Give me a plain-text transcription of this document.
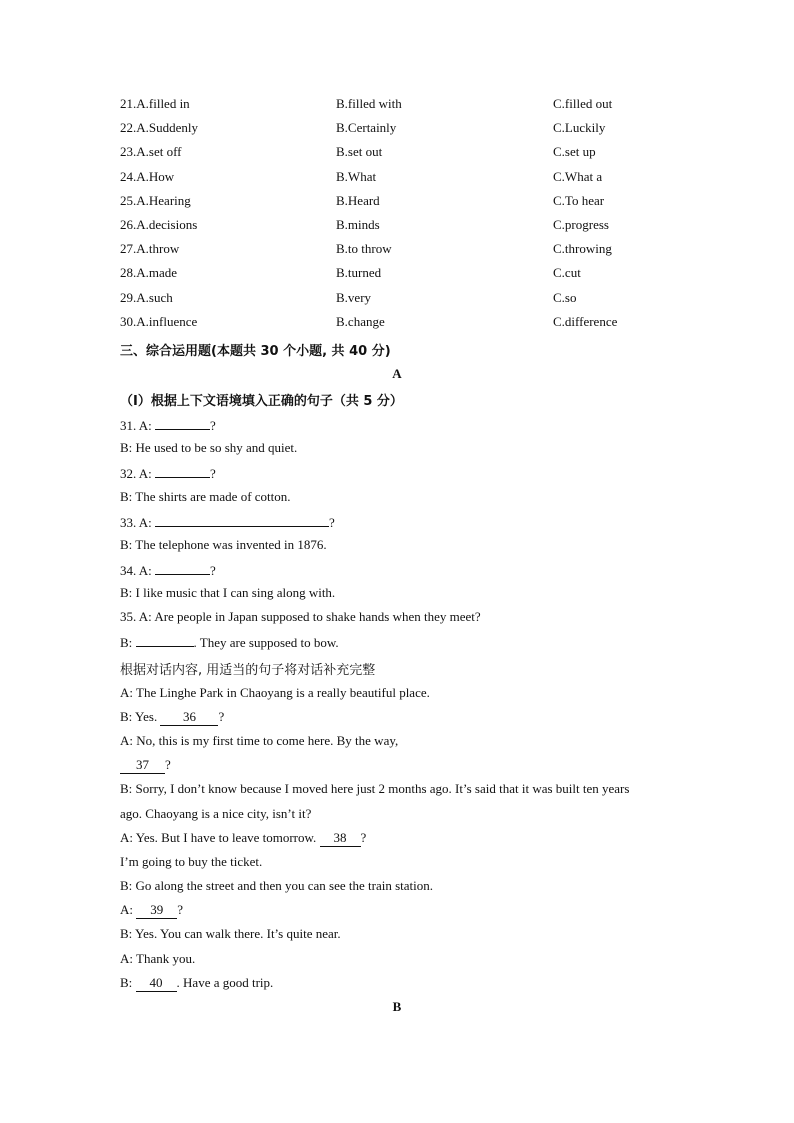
21.A.filled in	B.filled with	C.filled out
22.A.Suddenly	B.Certainly	C.Luckily
23.A.set off	B.set out	C.set up
24.A.How	B.What	C.What a
25.A.Hearing	B.Heard	C.To hear
26.A.decisions	B.minds	C.progress
27.A.throw	B.to throw	C.throwing
28.A.made	B.turned	C.cut
29.A.such	B.very	C.so
30.A.influence	B.change	C.difference
三、综合运用题(本题共 30 个小题, 共 40 分)
A
（I）根据上下文语境填入正确的句子（共 5 分）
31. A:	?
B: He used to be so shy and quiet.
32. A:	?
B: The shirts are made of cotton.
33. A:	?
B: The telephone was invented in 1876.
34. A:	?
B: I like music that I can sing along with.
35. A: Are people in Japan supposed to shake hands when they meet?
B:	. They are supposed to bow.
根据对话内容, 用适当的句子将对话补充完整
A: The Linghe Park in Chaoyang is a really beautiful place.
B: Yes. 36 ?
A: No, this is my first time to come here. By the way,
37 ?
B: Sorry, I don’t know because I moved here just 2 months ago. It’s said that it was built ten years
ago. Chaoyang is a nice city, isn’t it?
A: Yes. But I have to leave tomorrow. 38 ?
I’m going to buy the ticket.
B: Go along the street and then you can see the train station.
A: 39 ?
B: Yes. You can walk there. It’s quite near.
A: Thank you.
B: 40 . Have a good trip.
B
